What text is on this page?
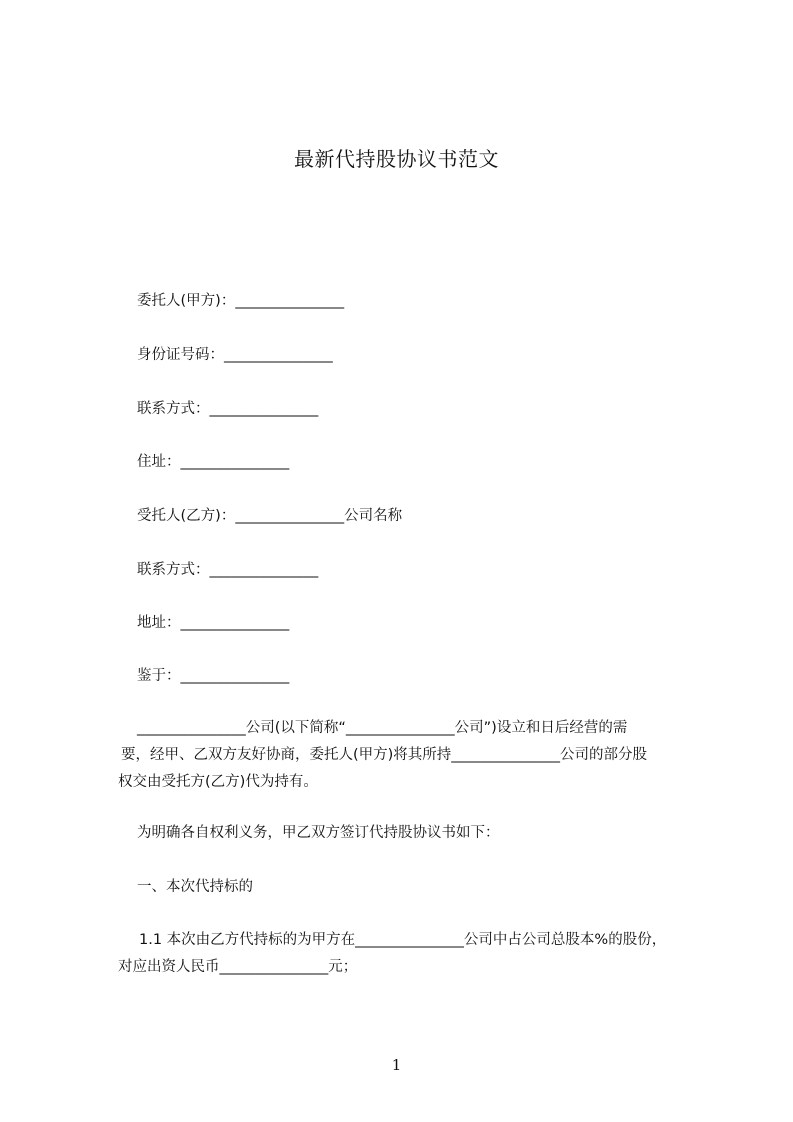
最新代持股协议书范文
委托人(甲方)：_______________
身份证号码：_______________
联系方式：_______________
住址：_______________
受托人(乙方)：_______________公司名称
联系方式：_______________
地址：_______________
鉴于：_______________
_______________公司(以下简称“_______________公司”)设立和日后经营的需
要，经甲、乙双方友好协商，委托人(甲方)将其所持_______________公司的部分股
权交由受托方(乙方)代为持有。
为明确各自权利义务，甲乙双方签订代持股协议书如下：
一、本次代持标的
1.1 本次由乙方代持标的为甲方在_______________公司中占公司总股本%的股份，
对应出资人民币_______________元；
1
